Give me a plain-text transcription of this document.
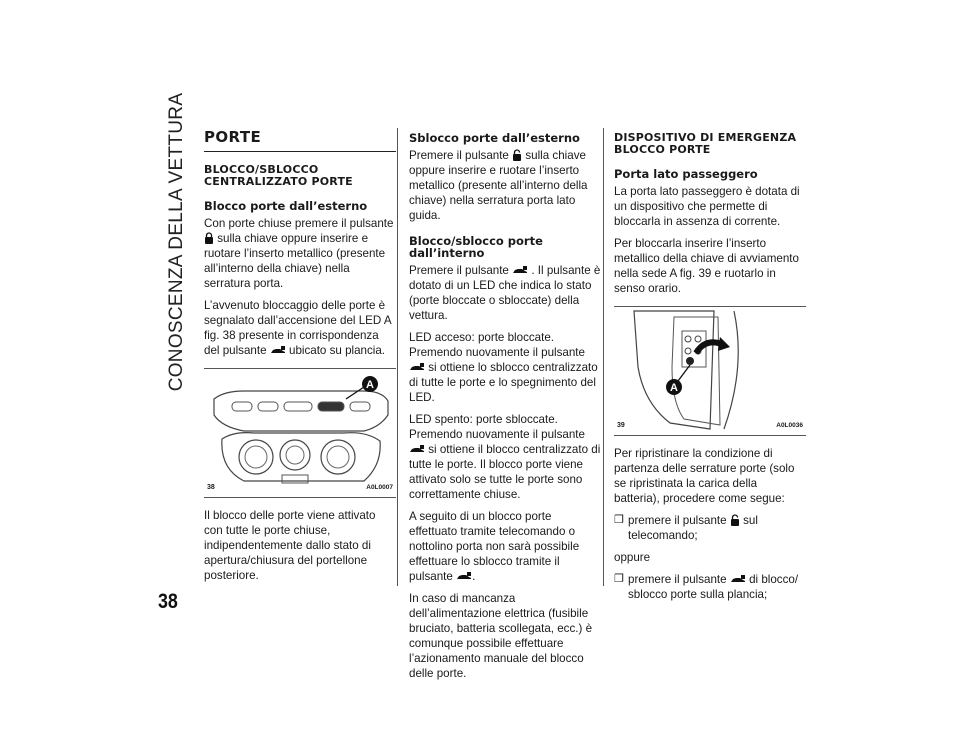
CONOSCENZA DELLA VETTURA
38
PORTE
BLOCCO/SBLOCCO CENTRALIZZATO PORTE
Blocco porte dall’esterno

Con porte chiuse premere il pulsante
sulla chiave oppure inserire e ruotare l’inserto metallico (presente all’interno della chiave) nella serratura porta.

L’avvenuto bloccaggio delle porte è segnalato dall’accensione del LED A fig. 38 presente in corrispondenza del pulsante ubicato su plancia.

A
38	A0L0007

Il blocco delle porte viene attivato con tutte le porte chiuse, indipendentemente dallo stato di apertura/chiusura del portellone posteriore.

Sblocco porte dall’esterno

Premere il pulsante sulla chiave oppure inserire e ruotare l’inserto metallico (presente all’interno della chiave) nella serratura porta lato guida.

Blocco/sblocco porte dall’interno

Premere il pulsante . Il pulsante è dotato di un LED che indica lo stato (porte bloccate o sbloccate) della vettura.

LED acceso: porte bloccate. Premendo nuovamente il pulsante  si ottiene lo sblocco centralizzato di tutte le porte e lo spegnimento del LED.

LED spento: porte sbloccate. Premendo nuovamente il pulsante
si ottiene il blocco centralizzato di tutte le porte. Il blocco porte viene attivato solo se tutte le porte sono correttamente chiuse.

A seguito di un blocco porte effettuato tramite telecomando o nottolino porta non sarà possibile effettuare lo sblocco tramite il pulsante .

In caso di mancanza dell’alimentazione elettrica (fusibile bruciato, batteria scollegata, ecc.) è comunque possibile effettuare l’azionamento manuale del blocco delle porte.

DISPOSITIVO DI EMERGENZA BLOCCO PORTE
Porta lato passeggero

La porta lato passeggero è dotata di un dispositivo che permette di bloccarla in assenza di corrente.

Per bloccarla inserire l’inserto metallico della chiave di avviamento nella sede A fig. 39 e ruotarlo in senso orario.

A
39	A0L0036

Per ripristinare la condizione di partenza delle serrature porte (solo se ripristinata la carica della batteria), procedere come segue:

❒ premere il pulsante sul telecomando;

oppure

❒ premere il pulsante di blocco/ sblocco porte sulla plancia;
